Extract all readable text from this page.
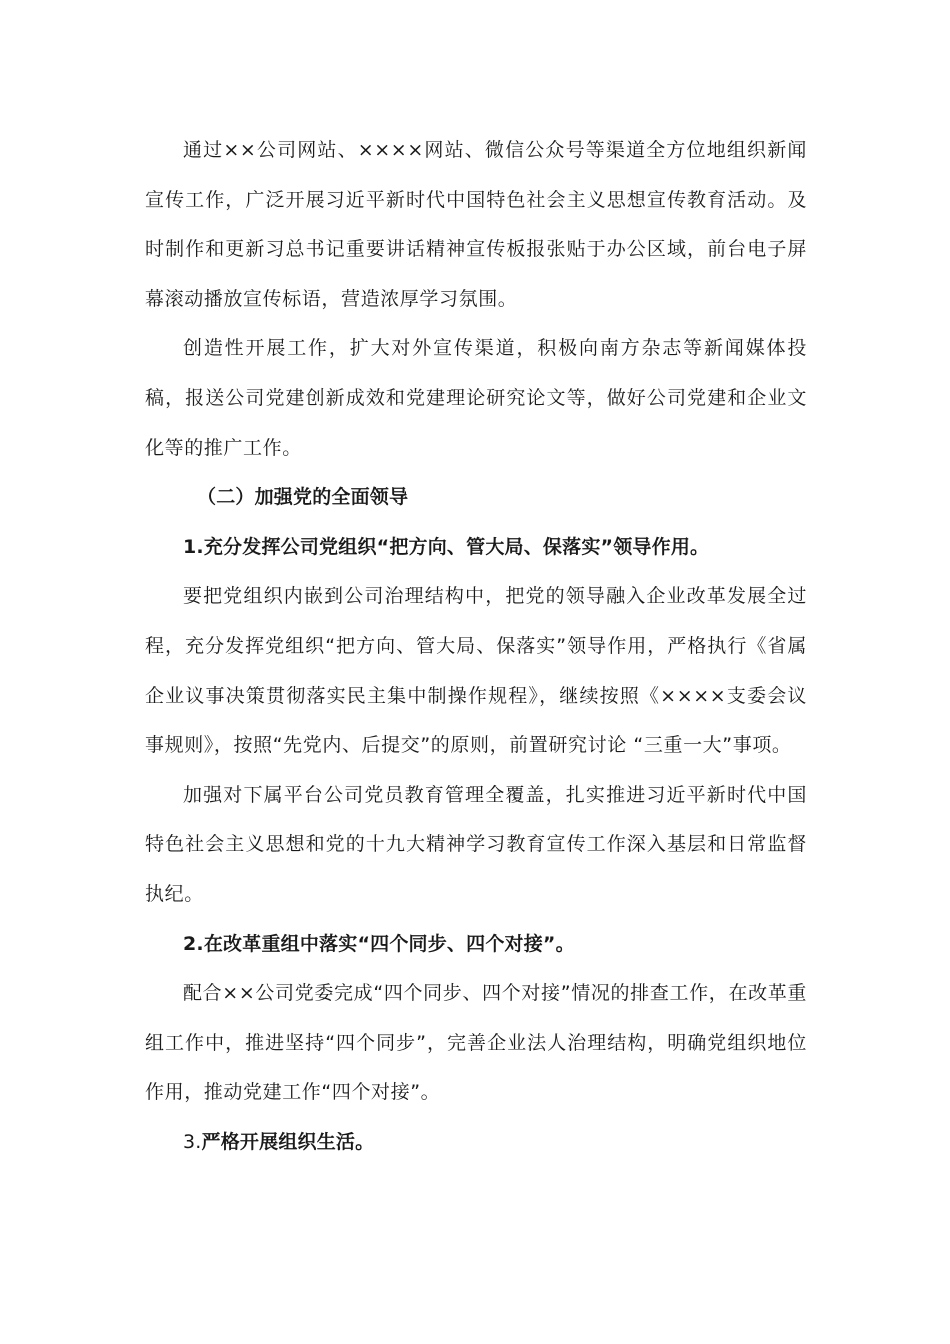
通过××公司网站、××××网站、微信公众号等渠道全方位地组织新闻宣传工作，广泛开展习近平新时代中国特色社会主义思想宣传教育活动。及时制作和更新习总书记重要讲话精神宣传板报张贴于办公区域，前台电子屏幕滚动播放宣传标语，营造浓厚学习氛围。

创造性开展工作，扩大对外宣传渠道，积极向南方杂志等新闻媒体投稿，报送公司党建创新成效和党建理论研究论文等，做好公司党建和企业文化等的推广工作。

（二）加强党的全面领导

1.充分发挥公司党组织“把方向、管大局、保落实”领导作用。

要把党组织内嵌到公司治理结构中，把党的领导融入企业改革发展全过程，充分发挥党组织“把方向、管大局、保落实”领导作用，严格执行《省属企业议事决策贯彻落实民主集中制操作规程》，继续按照《××××支委会议事规则》，按照“先党内、后提交”的原则，前置研究讨论 “三重一大”事项。

加强对下属平台公司党员教育管理全覆盖，扎实推进习近平新时代中国特色社会主义思想和党的十九大精神学习教育宣传工作深入基层和日常监督执纪。

2.在改革重组中落实“四个同步、四个对接”。

配合××公司党委完成“四个同步、四个对接”情况的排查工作，在改革重组工作中，推进坚持“四个同步”，完善企业法人治理结构，明确党组织地位作用，推动党建工作“四个对接”。

3.严格开展组织生活。
